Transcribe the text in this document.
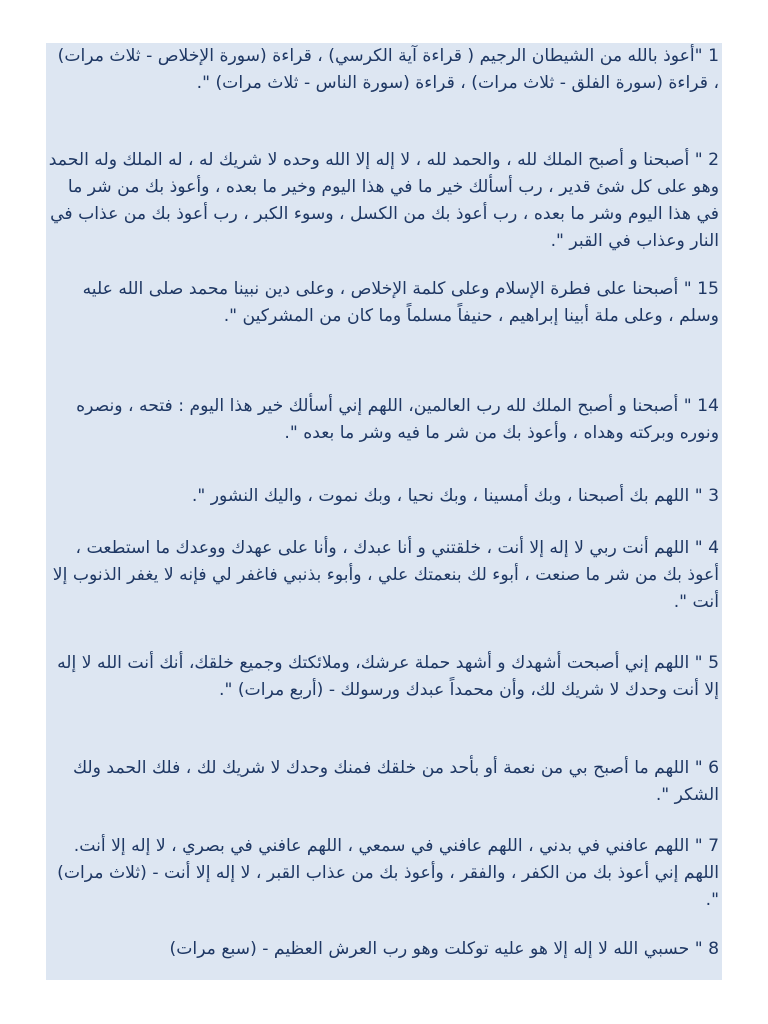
1 "أعوذ بالله من الشيطان الرجيم ( قراءة آية الكرسي) ، قراءة (سورة الإخلاص - ثلاث مرات) ، قراءة (سورة الفلق - ثلاث مرات) ، قراءة (سورة الناس - ثلاث مرات) ".

2 " أصبحنا و أصبح الملك لله ، والحمد لله ، لا إله إلا الله وحده لا شريك له ، له الملك وله الحمد وهو على كل شئ قدير ، رب أسألك خير ما في هذا اليوم وخير ما بعده ، وأعوذ بك من شر ما في هذا اليوم وشر ما بعده ، رب أعوذ بك من الكسل ، وسوء الكبر ، رب أعوذ بك من عذاب في النار وعذاب في القبر ".

15 " أصبحنا على فطرة الإسلام وعلى كلمة الإخلاص ، وعلى دين نبينا محمد صلى الله عليه وسلم ، وعلى ملة أبينا إبراهيم ، حنيفاً مسلماً وما كان من المشركين ".

14 " أصبحنا و أصبح الملك لله رب العالمين، اللهم إني أسألك خير هذا اليوم : فتحه ، ونصره ونوره وبركته وهداه ، وأعوذ بك من شر ما فيه وشر ما بعده ".

3 " اللهم بك أصبحنا ، وبك أمسينا ، وبك نحيا ، وبك نموت ، واليك النشور ".

4 " اللهم أنت ربي لا إله إلا أنت ، خلقتني و أنا عبدك ، وأنا على عهدك ووعدك ما استطعت ، أعوذ بك من شر ما صنعت ، أبوء لك بنعمتك علي ، وأبوء بذنبي فاغفر لي فإنه لا يغفر الذنوب إلا أنت ".

5 " اللهم إني أصبحت أشهدك و أشهد حملة عرشك، وملائكتك وجميع خلقك، أنك أنت الله لا إله إلا أنت وحدك لا شريك لك، وأن محمداً عبدك ورسولك - (أربع مرات) ".

6 " اللهم ما أصبح بي من نعمة أو بأحد من خلقك فمنك وحدك لا شريك لك ، فلك الحمد ولك الشكر ".

7 " اللهم عافني في بدني ، اللهم عافني في سمعي ، اللهم عافني في بصري ، لا إله إلا أنت. اللهم إني أعوذ بك من الكفر ، والفقر ، وأعوذ بك من عذاب القبر ، لا إله إلا أنت - (ثلاث مرات) ".

8 " حسبي الله لا إله إلا هو عليه توكلت وهو رب العرش العظيم - (سبع مرات)
